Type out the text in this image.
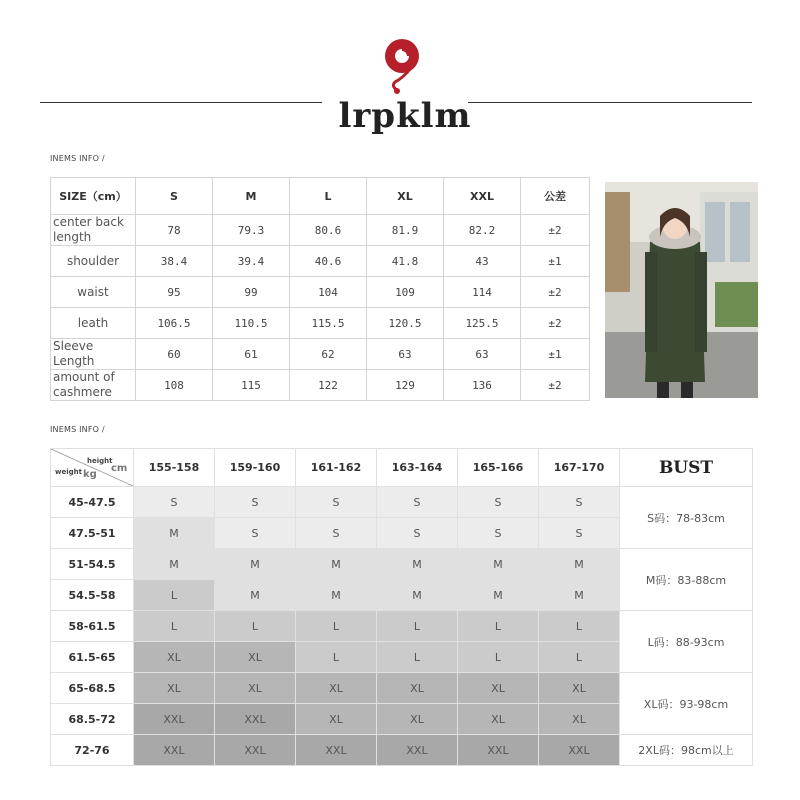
lrpklm
INEMS INFO /
SIZE（cm）	S	M	L	XL	XXL	公差
center back length	78	79.3	80.6	81.9	82.2	±2
shoulder	38.4	39.4	40.6	41.8	43	±1
waist	95	99	104	109	114	±2
leath	106.5	110.5	115.5	120.5	125.5	±2
Sleeve Length	60	61	62	63	63	±1
amount of cashmere	108	115	122	129	136	±2
INEMS INFO /
height
cm
weight kg	155-158	159-160	161-162	163-164	165-166	167-170	BUST
45-47.5	S	S	S	S	S	S	S码：78-83cm
47.5-51	M	S	S	S	S	S	
51-54.5	M	M	M	M	M	M	M码：83-88cm
54.5-58	L	M	M	M	M	M	
58-61.5	L	L	L	L	L	L	L码：88-93cm
61.5-65	XL	XL	L	L	L	L	
65-68.5	XL	XL	XL	XL	XL	XL	XL码：93-98cm
68.5-72	XXL	XXL	XL	XL	XL	XL	
72-76	XXL	XXL	XXL	XXL	XXL	XXL	2XL码：98cm以上
